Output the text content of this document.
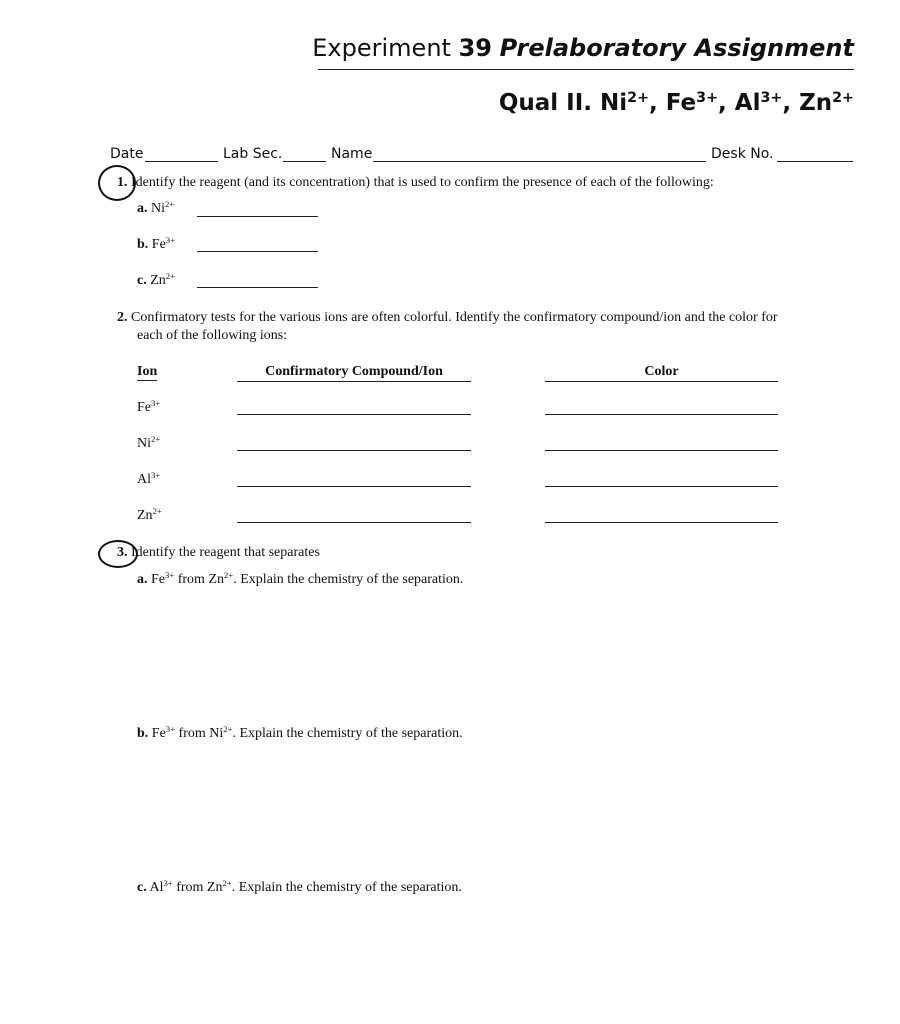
Experiment 39 Prelaboratory Assignment
Qual II. $Ni^{2+}$, $Fe^{3+}$, $Al^{3+}$, $Zn^{2+}$
Date	Lab Sec.	Name	Desk No.
1. Identify the reagent (and its concentration) that is used to confirm the presence of each of the following:
a. $Ni^{2+}$
b. $Fe^{3+}$
c. $Zn^{2+}$
2. Confirmatory tests for the various ions are often colorful. Identify the confirmatory compound/ion and the color for
each of the following ions:
Ion	Confirmatory Compound/Ion	Color
$Fe^{3+}$
$Ni^{2+}$
$Al^{3+}$
$Zn^{2+}$
3. Identify the reagent that separates
a. $Fe^{3+}$ from $Zn^{2+}$. Explain the chemistry of the separation.
b. $Fe^{3+}$ from $Ni^{2+}$. Explain the chemistry of the separation.
c. $Al^{3+}$ from $Zn^{2+}$. Explain the chemistry of the separation.
